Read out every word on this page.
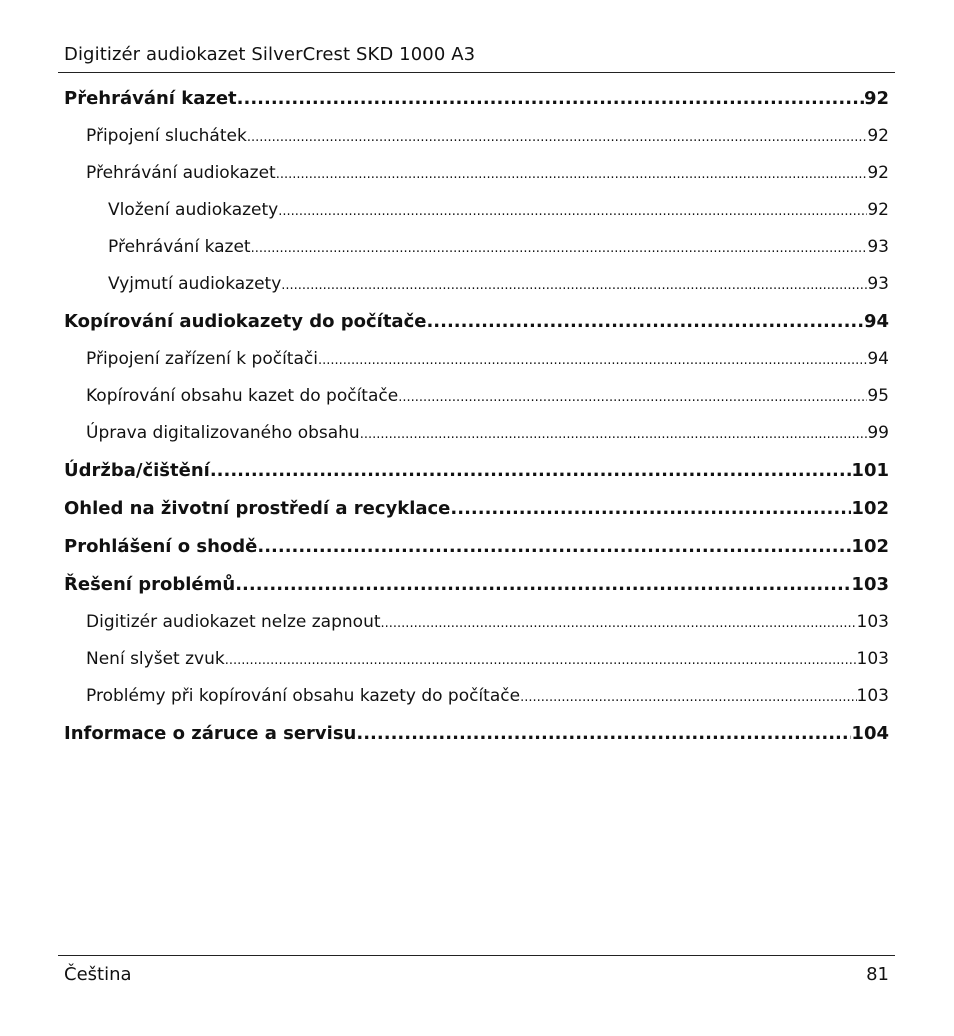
Digitizér audiokazet SilverCrest SKD 1000 A3
Přehrávání kazet .....	92
Připojení sluchátek .....	92
Přehrávání audiokazet .....	92
Vložení audiokazety .....	92
Přehrávání kazet .....	93
Vyjmutí audiokazety .....	93
Kopírování audiokazety do počítače .....	94
Připojení zařízení k počítači .....	94
Kopírování obsahu kazet do počítače .....	95
Úprava digitalizovaného obsahu .....	99
Údržba/čištění .....	101
Ohled na životní prostředí a recyklace .....	102
Prohlášení o shodě .....	102
Řešení problémů .....	103
Digitizér audiokazet nelze zapnout .....	103
Není slyšet zvuk .....	103
Problémy při kopírování obsahu kazety do počítače .....	103
Informace o záruce a servisu .....	104
Čeština	81
